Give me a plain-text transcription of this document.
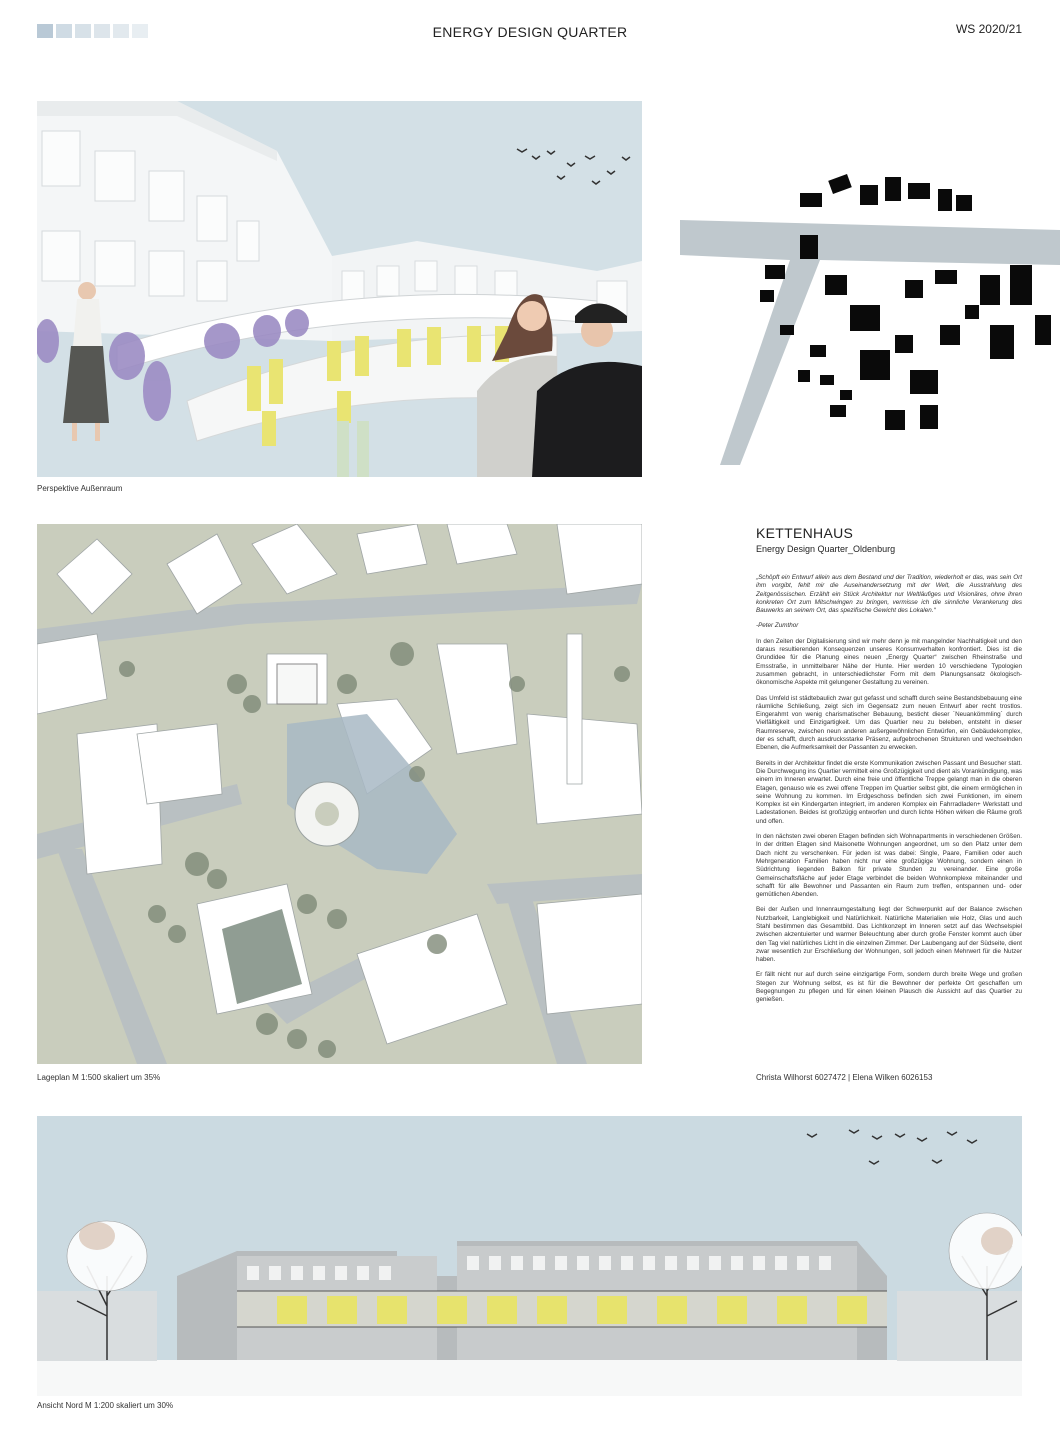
ENERGY DESIGN QUARTER	WS 2020/21
Perspektive Außenraum
Lageplan M 1:500 skaliert um 35%
KETTENHAUS
Energy Design Quarter_Oldenburg

„Schöpft ein Entwurf allein aus dem Bestand und der Tradition, wiederholt er das, was sein Ort ihm vorgibt, fehlt mir die Auseinandersetzung mit der Welt, die Ausstrahlung des Zeitgenössischen. Erzählt ein Stück Architektur nur Weltläufiges und Visionäres, ohne ihren konkreten Ort zum Mitschwingen zu bringen, vermisse ich die sinnliche Verankerung des Bauwerks an seinem Ort, das spezifische Gewicht des Lokalen.“

-Peter Zumthor

In den Zeiten der Digitalisierung sind wir mehr denn je mit mangelnder Nachhaltigkeit und den daraus resultierenden Konsequenzen unseres Konsumverhalten konfrontiert. Dies ist die Grundidee für die Planung eines neuen „Energy Quarter“ zwischen Rheinstraße und Emsstraße, in unmittelbarer Nähe der Hunte. Hier werden 10 verschiedene Typologien zusammen gebracht, in unterschiedlichster Form mit dem Planungsansatz ökologisch-ökonomische Aspekte mit gelungener Gestaltung zu vereinen.

Das Umfeld ist städtebaulich zwar gut gefasst und schafft durch seine Bestandsbebauung eine räumliche Schließung, zeigt sich im Gegensatz zum neuen Entwurf aber recht trostlos. Eingerahmt von wenig charismatischer Bebauung, besticht dieser ´Neuankömmling´ durch Vielfältigkeit und Einzigartigkeit. Um das Quartier neu zu beleben, entsteht in dieser Raumreserve, zwischen neun anderen außergewöhnlichen Entwürfen, ein Gebäudekomplex, der es schafft, durch ausdrucksstarke Präsenz, aufgebrochenen Strukturen und wechselnden Ebenen, die Aufmerksamkeit der Passanten zu erwecken.

Bereits in der Architektur findet die erste Kommunikation zwischen Passant und Besucher statt. Die Durchwegung ins Quartier vermittelt eine Großzügigkeit und dient als Vorankündigung, was einem im Inneren erwartet. Durch eine freie und öffentliche Treppe gelangt man in die oberen Etagen, genauso wie es zwei offene Treppen im Quartier selbst gibt, die einem ermöglichen in seine Wohnung zu kommen. Im Erdgeschoss befinden sich zwei Funktionen, im einem Komplex ist ein Kindergarten integriert, im anderen Komplex ein Fahrradladen+ Werkstatt und Ladestationen. Beides ist großzügig entworfen und durch lichte Höhen wirken die Räume groß und offen.

In den nächsten zwei oberen Etagen befinden sich Wohnapartments in verschiedenen Größen. In der dritten Etagen sind Maisonette Wohnungen angeordnet, um so den Platz unter dem Dach nicht zu verschenken. Für jeden ist was dabei: Single, Paare, Familien oder auch Mehrgeneration Familien haben nicht nur eine großzügige Wohnung, sondern einen in Südrichtung liegenden Balkon für private Stunden zu vereinander. Eine große Gemeinschaftsfläche auf jeder Etage verbindet die beiden Wohnkomplexe miteinander und schafft für alle Bewohner und Passanten ein Raum zum treffen, entspannen und- oder gemütlichen Abenden.

Bei der Außen und Innenraumgestaltung liegt der Schwerpunkt auf der Balance zwischen Nutzbarkeit, Langlebigkeit und Natürlichkeit. Natürliche Materialien wie Holz, Glas und auch Stahl bestimmen das Gesamtbild. Das Lichtkonzept im Inneren setzt auf das Wechselspiel zwischen akzentuierter und warmer Beleuchtung aber durch große Fenster kommt auch über den Tag viel natürliches Licht in die einzelnen Zimmer. Der Laubengang auf der Südseite, dient zwar wesentlich zur Erschließung der Wohnungen, soll jedoch einen Mehrwert für die Nutzer haben.

Er fällt nicht nur auf durch seine einzigartige Form, sondern durch breite Wege und großen Stegen zur Wohnung selbst, es ist für die Bewohner der perfekte Ort geschaffen um Begegnungen zu pflegen und für einen kleinen Plausch die Aussicht auf das Quartier zu genießen.

Christa Wilhorst 6027472 | Elena Wilken 6026153
Ansicht Nord M 1:200 skaliert um 30%
